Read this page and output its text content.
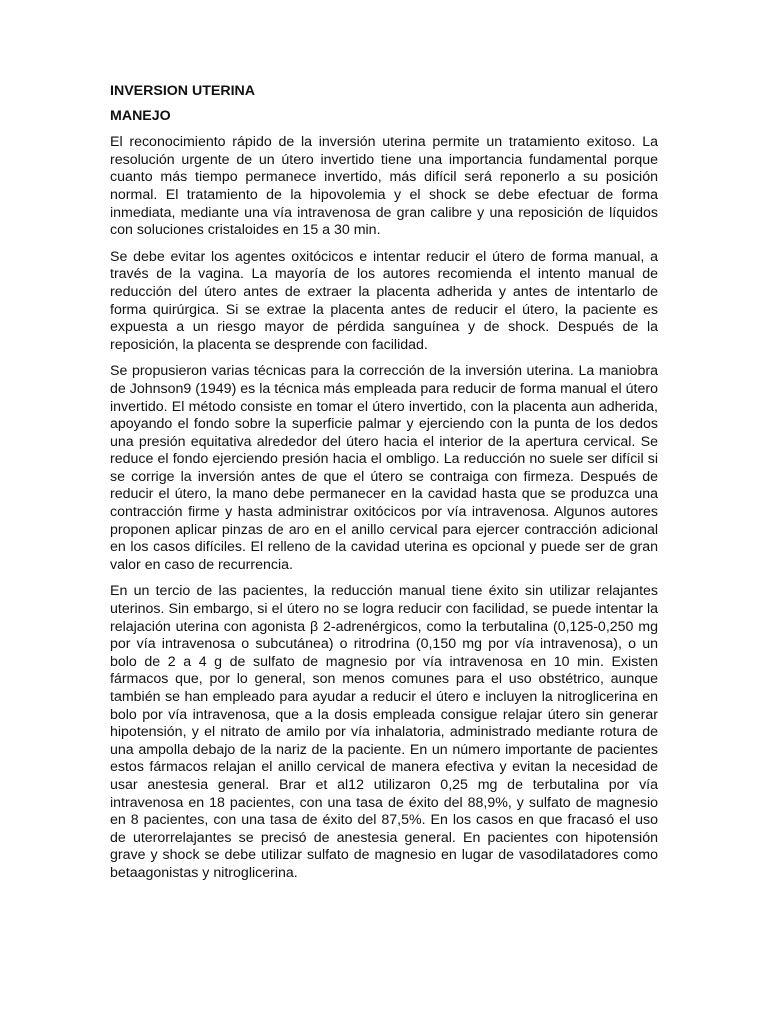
INVERSION UTERINA

MANEJO

El reconocimiento rápido de la inversión uterina permite un tratamiento exitoso. La resolución urgente de un útero invertido tiene una importancia fundamental porque cuanto más tiempo permanece invertido, más difícil será reponerlo a su posición normal. El tratamiento de la hipovolemia y el shock se debe efectuar de forma inmediata, mediante una vía intravenosa de gran calibre y una reposición de líquidos con soluciones cristaloides en 15 a 30 min.

Se debe evitar los agentes oxitócicos e intentar reducir el útero de forma manual, a través de la vagina. La mayoría de los autores recomienda el intento manual de reducción del útero antes de extraer la placenta adherida y antes de intentarlo de forma quirúrgica. Si se extrae la placenta antes de reducir el útero, la paciente es expuesta a un riesgo mayor de pérdida sanguínea y de shock. Después de la reposición, la placenta se desprende con facilidad.

Se propusieron varias técnicas para la corrección de la inversión uterina. La maniobra de Johnson9 (1949) es la técnica más empleada para reducir de forma manual el útero invertido. El método consiste en tomar el útero invertido, con la placenta aun adherida, apoyando el fondo sobre la superficie palmar y ejerciendo con la punta de los dedos una presión equitativa alrededor del útero hacia el interior de la apertura cervical. Se reduce el fondo ejerciendo presión hacia el ombligo. La reducción no suele ser difícil si se corrige la inversión antes de que el útero se contraiga con firmeza. Después de reducir el útero, la mano debe permanecer en la cavidad hasta que se produzca una contracción firme y hasta administrar oxitócicos por vía intravenosa. Algunos autores proponen aplicar pinzas de aro en el anillo cervical para ejercer contracción adicional en los casos difíciles. El relleno de la cavidad uterina es opcional y puede ser de gran valor en caso de recurrencia.

En un tercio de las pacientes, la reducción manual tiene éxito sin utilizar relajantes uterinos. Sin embargo, si el útero no se logra reducir con facilidad, se puede intentar la relajación uterina con agonista β 2-adrenérgicos, como la terbutalina (0,125-0,250 mg por vía intravenosa o subcutánea) o ritrodrina (0,150 mg por vía intravenosa), o un bolo de 2 a 4 g de sulfato de magnesio por vía intravenosa en 10 min. Existen fármacos que, por lo general, son menos comunes para el uso obstétrico, aunque también se han empleado para ayudar a reducir el útero e incluyen la nitroglicerina en bolo por vía intravenosa, que a la dosis empleada consigue relajar útero sin generar hipotensión, y el nitrato de amilo por vía inhalatoria, administrado mediante rotura de una ampolla debajo de la nariz de la paciente. En un número importante de pacientes estos fármacos relajan el anillo cervical de manera efectiva y evitan la necesidad de usar anestesia general. Brar et al12 utilizaron 0,25 mg de terbutalina por vía intravenosa en 18 pacientes, con una tasa de éxito del 88,9%, y sulfato de magnesio en 8 pacientes, con una tasa de éxito del 87,5%. En los casos en que fracasó el uso de uterorrelajantes se precisó de anestesia general. En pacientes con hipotensión grave y shock se debe utilizar sulfato de magnesio en lugar de vasodilatadores como betaagonistas y nitroglicerina.
